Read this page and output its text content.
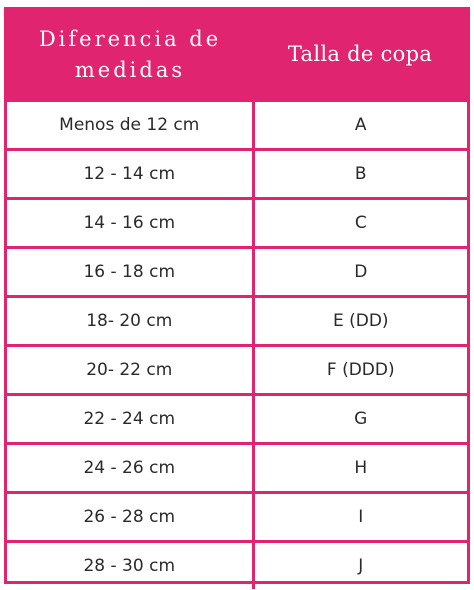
Diferencia de medidas	Talla de copa
Menos de 12 cm	A
12 - 14 cm	B
14 - 16 cm	C
16 - 18 cm	D
18- 20 cm	E (DD)
20- 22 cm	F (DDD)
22 - 24 cm	G
24 - 26 cm	H
26 - 28 cm	I
28 - 30 cm	J
